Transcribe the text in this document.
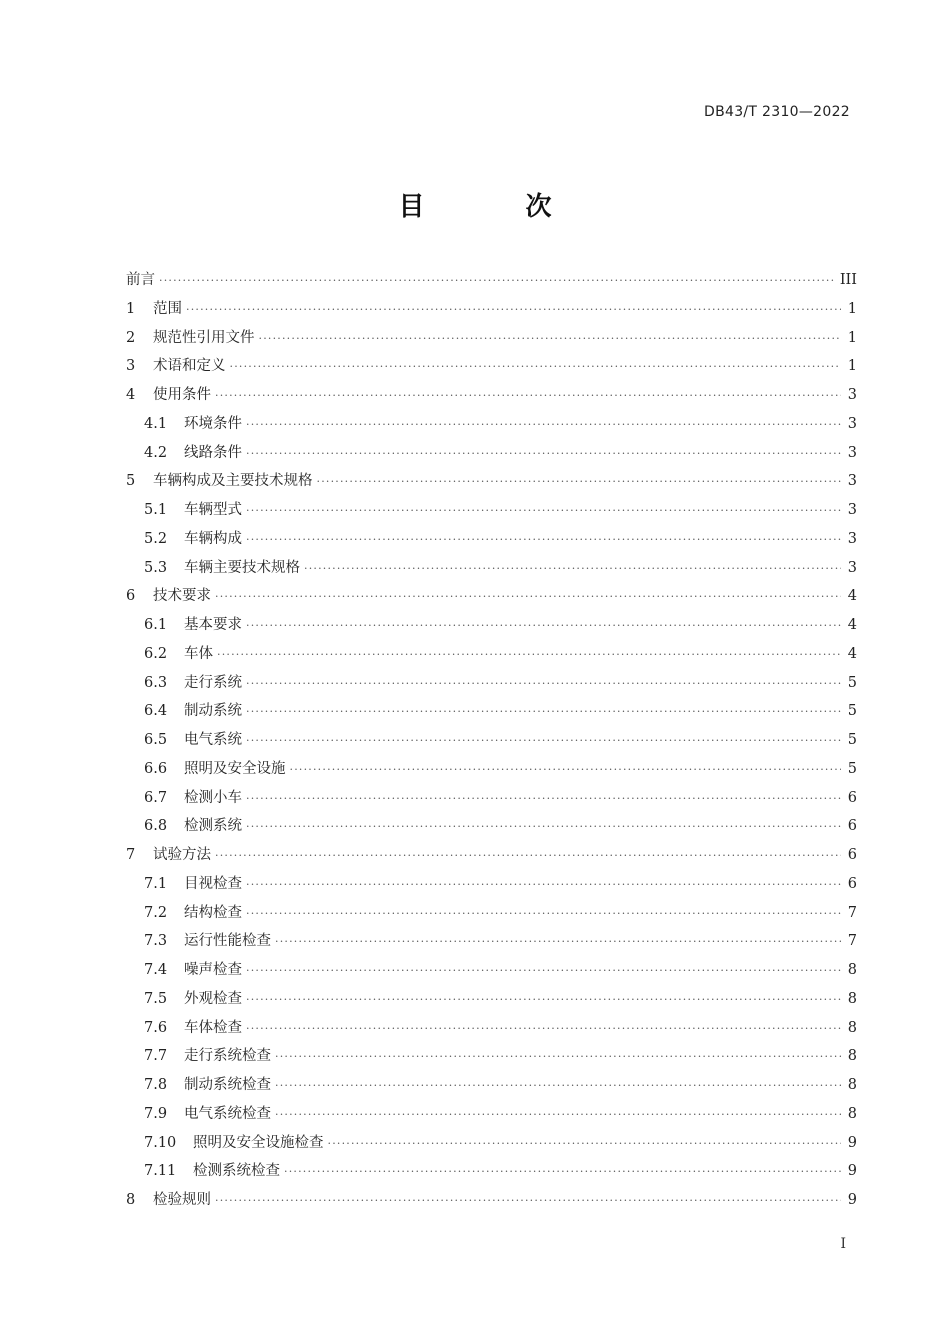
DB43/T 2310—2022
目 次
前言 ·····	III
1	范围 ·····	1
2	规范性引用文件 ·····	1
3	术语和定义 ·····	1
4	使用条件 ·····	3
4.1	环境条件 ·····	3
4.2	线路条件 ·····	3
5	车辆构成及主要技术规格 ·····	3
5.1	车辆型式 ·····	3
5.2	车辆构成 ·····	3
5.3	车辆主要技术规格 ·····	3
6	技术要求 ·····	4
6.1	基本要求 ·····	4
6.2	车体 ·····	4
6.3	走行系统 ·····	5
6.4	制动系统 ·····	5
6.5	电气系统 ·····	5
6.6	照明及安全设施 ·····	5
6.7	检测小车 ·····	6
6.8	检测系统 ·····	6
7	试验方法 ·····	6
7.1	目视检查 ·····	6
7.2	结构检查 ·····	7
7.3	运行性能检查 ·····	7
7.4	噪声检查 ·····	8
7.5	外观检查 ·····	8
7.6	车体检查 ·····	8
7.7	走行系统检查 ·····	8
7.8	制动系统检查 ·····	8
7.9	电气系统检查 ·····	8
7.10	照明及安全设施检查 ·····	9
7.11	检测系统检查 ·····	9
8	检验规则 ·····	9
I
